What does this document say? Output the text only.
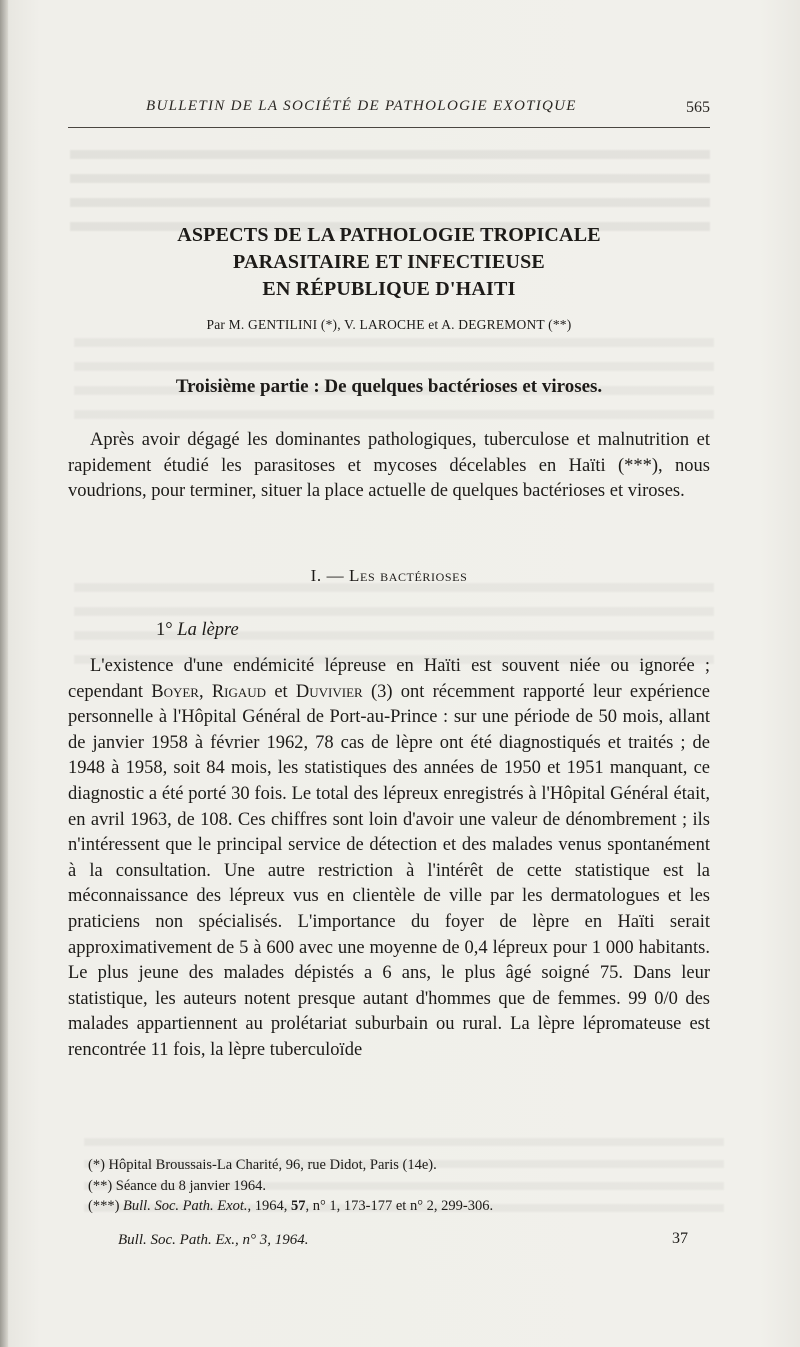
BULLETIN DE LA SOCIÉTÉ DE PATHOLOGIE EXOTIQUE	565
ASPECTS DE LA PATHOLOGIE TROPICALE
PARASITAIRE ET INFECTIEUSE
EN RÉPUBLIQUE D'HAITI
Par M. GENTILINI (*), V. LAROCHE et A. DEGREMONT (**)
Troisième partie : De quelques bactérioses et viroses.
Après avoir dégagé les dominantes pathologiques, tuberculose et malnutrition et rapidement étudié les parasitoses et mycoses décelables en Haïti (***), nous voudrions, pour terminer, situer la place actuelle de quelques bactérioses et viroses.
I. — Les bactérioses
1° La lèpre
L'existence d'une endémicité lépreuse en Haïti est souvent niée ou ignorée ; cependant Boyer, Rigaud et Duvivier (3) ont récemment rapporté leur expérience personnelle à l'Hôpital Général de Port-au-Prince : sur une période de 50 mois, allant de janvier 1958 à février 1962, 78 cas de lèpre ont été diagnostiqués et traités ; de 1948 à 1958, soit 84 mois, les statistiques des années de 1950 et 1951 manquant, ce diagnostic a été porté 30 fois. Le total des lépreux enregistrés à l'Hôpital Général était, en avril 1963, de 108. Ces chiffres sont loin d'avoir une valeur de dénombrement ; ils n'intéressent que le principal service de détection et des malades venus spontanément à la consultation. Une autre restriction à l'intérêt de cette statistique est la méconnaissance des lépreux vus en clientèle de ville par les dermatologues et les praticiens non spécialisés. L'importance du foyer de lèpre en Haïti serait approximativement de 5 à 600 avec une moyenne de 0,4 lépreux pour 1 000 habitants. Le plus jeune des malades dépistés a 6 ans, le plus âgé soigné 75. Dans leur statistique, les auteurs notent presque autant d'hommes que de femmes. 99 0/0 des malades appartiennent au prolétariat suburbain ou rural. La lèpre lépromateuse est rencontrée 11 fois, la lèpre tuberculoïde
(*) Hôpital Broussais-La Charité, 96, rue Didot, Paris (14e).
(**) Séance du 8 janvier 1964.
(***) Bull. Soc. Path. Exot., 1964, 57, n° 1, 173-177 et n° 2, 299-306.
Bull. Soc. Path. Ex., n° 3, 1964.	37
